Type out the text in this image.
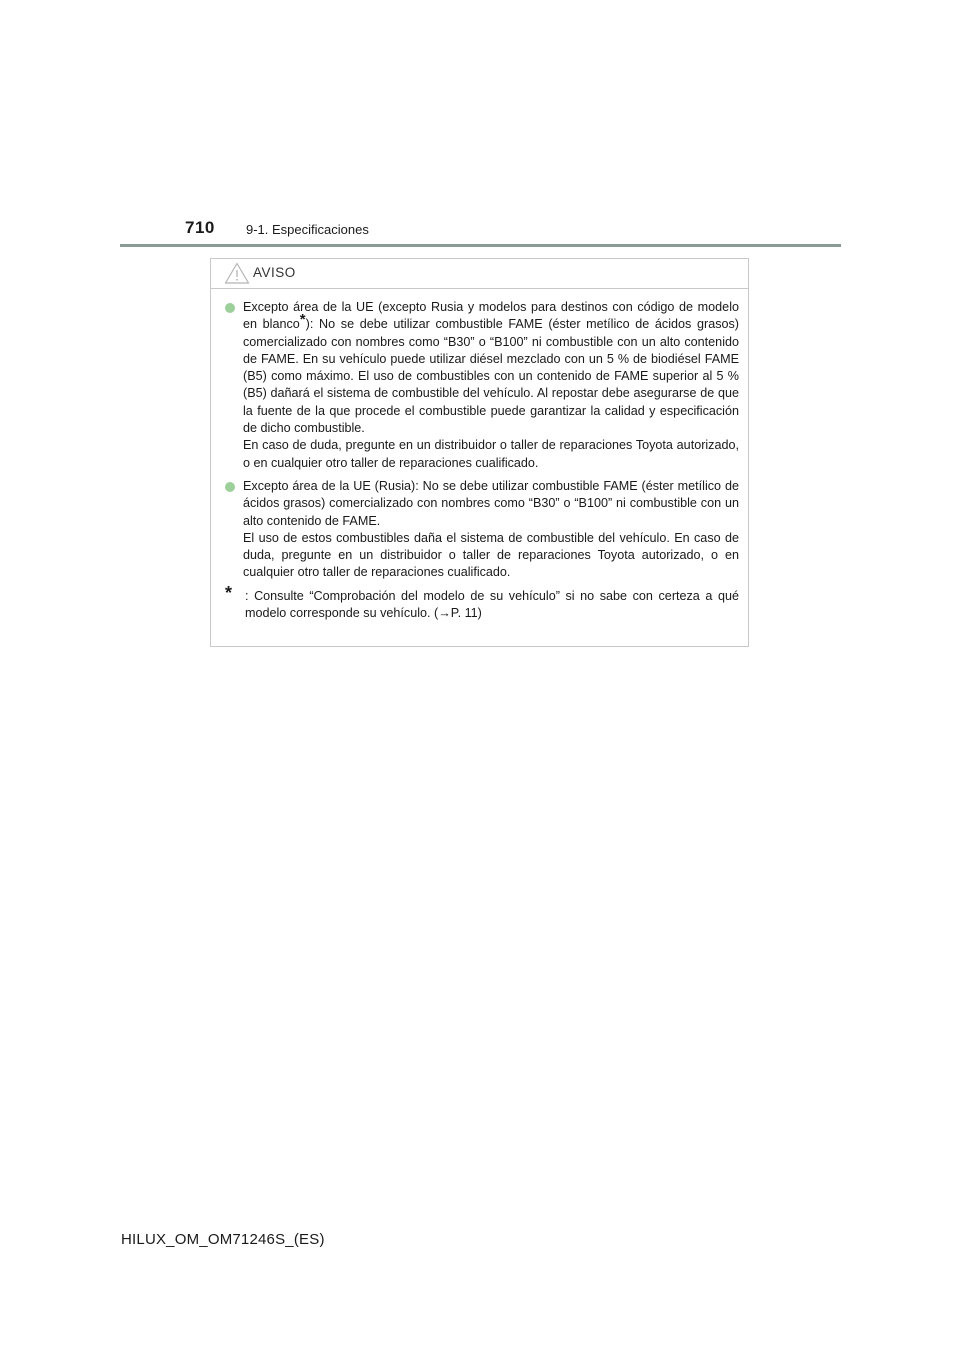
710 9-1. Especificaciones
AVISO
Excepto área de la UE (excepto Rusia y modelos para destinos con código de modelo en blanco*): No se debe utilizar combustible FAME (éster metílico de ácidos grasos) comercializado con nombres como “B30” o “B100” ni combustible con un alto contenido de FAME. En su vehículo puede utilizar diésel mezclado con un 5 % de biodiésel FAME (B5) como máximo. El uso de combustibles con un contenido de FAME superior al 5 % (B5) dañará el sistema de combustible del vehículo. Al repostar debe asegurarse de que la fuente de la que procede el combustible puede garantizar la calidad y especificación de dicho combustible.
En caso de duda, pregunte en un distribuidor o taller de reparaciones Toyota autorizado, o en cualquier otro taller de reparaciones cualificado.
Excepto área de la UE (Rusia): No se debe utilizar combustible FAME (éster metílico de ácidos grasos) comercializado con nombres como “B30” o “B100” ni combustible con un alto contenido de FAME.
El uso de estos combustibles daña el sistema de combustible del vehículo. En caso de duda, pregunte en un distribuidor o taller de reparaciones Toyota autorizado, o en cualquier otro taller de reparaciones cualificado.
* : Consulte “Comprobación del modelo de su vehículo” si no sabe con certeza a qué modelo corresponde su vehículo. (→P. 11)
HILUX_OM_OM71246S_(ES)
